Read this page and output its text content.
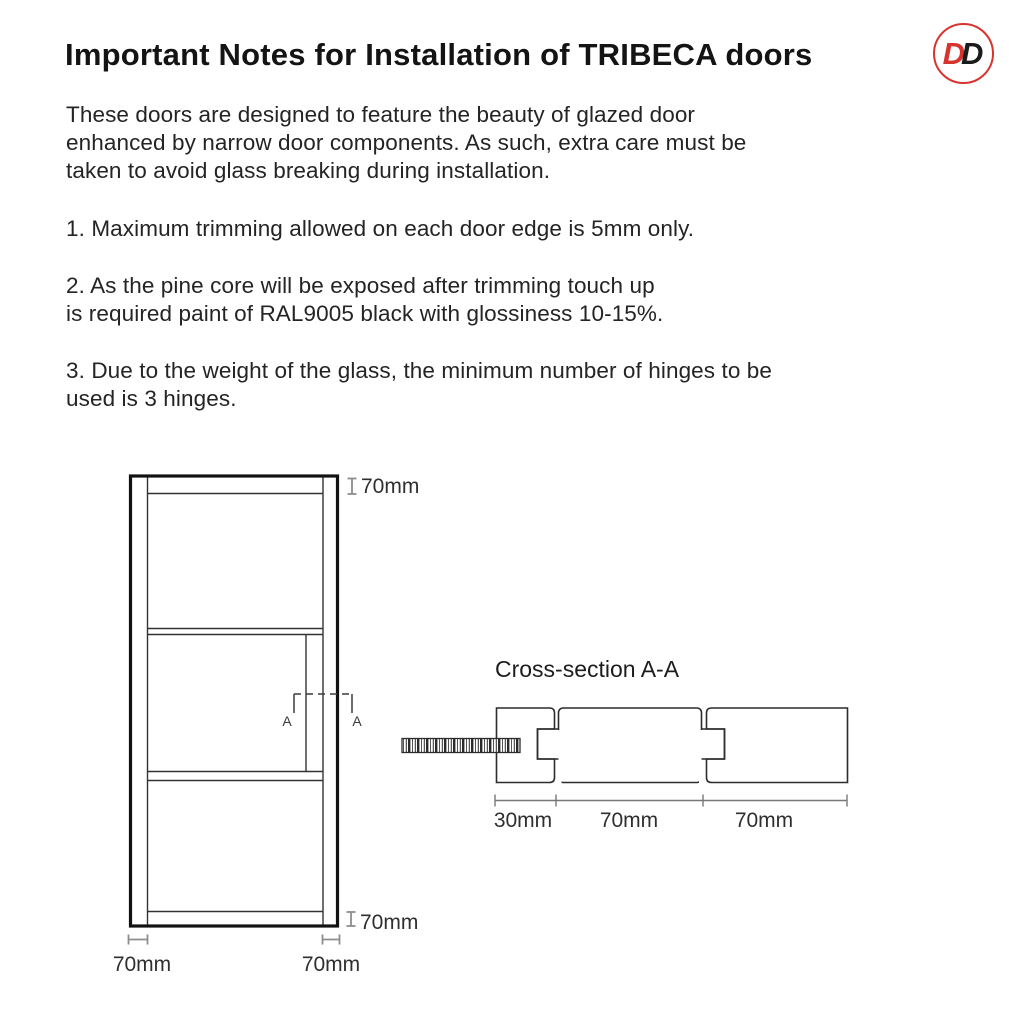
Important Notes for Installation of TRIBECA doors	D D
These doors are designed to feature the beauty of glazed door
enhanced by narrow door components. As such, extra care must be
taken to avoid glass breaking during installation.
1. Maximum trimming allowed on each door edge is 5mm only.
2. As the pine core will be exposed after trimming touch up
is required paint of RAL9005 black with glossiness 10-15%.
3. Due to the weight of the glass, the minimum number of hinges to be
used is 3 hinges.
A	A
70mm
70mm
70mm	70mm
Cross-section A-A
30mm 70mm	70mm
